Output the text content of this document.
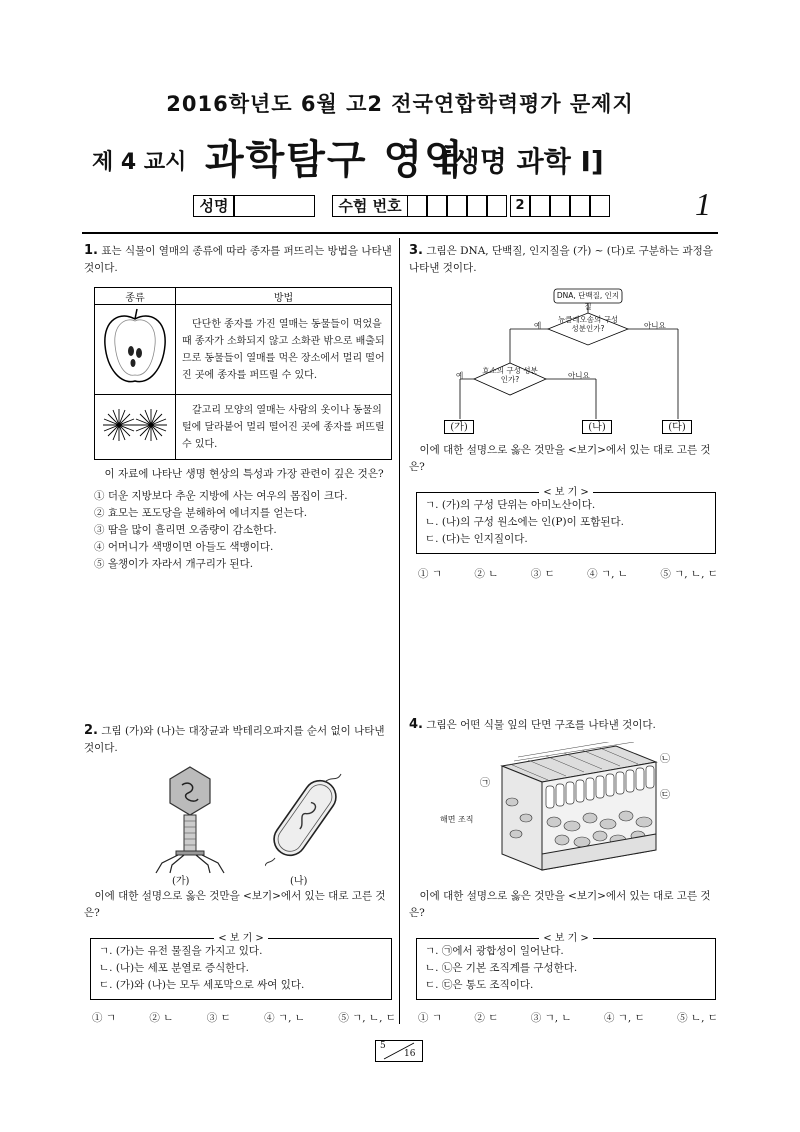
2016학년도 6월 고2 전국연합학력평가 문제지
제 4 교시 과학탐구 영역
[생명 과학 Ⅰ]
1
성명	수험 번호	2
1. 표는 식물이 열매의 종류에 따라 종자를 퍼뜨리는 방법을 나타낸 것이다.
종류	방법
	단단한 종자를 가진 열매는 동물들이 먹었을 때 종자가 소화되지 않고 소화관 밖으로 배출되므로 동물들이 열매를 먹은 장소에서 멀리 떨어진 곳에 종자를 퍼뜨릴 수 있다.
	갈고리 모양의 열매는 사람의 옷이나 동물의 털에 달라붙어 멀리 떨어진 곳에 종자를 퍼뜨릴 수 있다.
이 자료에 나타난 생명 현상의 특성과 가장 관련이 깊은 것은?
① 더운 지방보다 추운 지방에 사는 여우의 몸집이 크다.
② 효모는 포도당을 분해하여 에너지를 얻는다.
③ 땀을 많이 흘리면 오줌량이 감소한다.
④ 어머니가 색맹이면 아들도 색맹이다.
⑤ 올챙이가 자라서 개구리가 된다.
2. 그림 (가)와 (나)는 대장균과 박테리오파지를 순서 없이 나타낸 것이다.
(가)	(나)
이에 대한 설명으로 옳은 것만을 <보기>에서 있는 대로 고른 것은?
< 보 기 >
ㄱ. (가)는 유전 물질을 가지고 있다.
ㄴ. (나)는 세포 분열로 증식한다.
ㄷ. (가)와 (나)는 모두 세포막으로 싸여 있다.
① ㄱ	② ㄴ	③ ㄷ	④ ㄱ, ㄴ	⑤ ㄱ, ㄴ, ㄷ
3. 그림은 DNA, 단백질, 인지질을 (가) ~ (다)로 구분하는 과정을 나타낸 것이다.
DNA, 단백질, 인지질
뉴클레오솜의 구성 성분인가?
효소의 구성 성분인가?
예	아니요
예	아니요
(가)	(나)	(다)
이에 대한 설명으로 옳은 것만을 <보기>에서 있는 대로 고른 것은?
< 보 기 >
ㄱ. (가)의 구성 단위는 아미노산이다.
ㄴ. (나)의 구성 원소에는 인(P)이 포함된다.
ㄷ. (다)는 인지질이다.
① ㄱ	② ㄴ	③ ㄷ	④ ㄱ, ㄴ	⑤ ㄱ, ㄴ, ㄷ
4. 그림은 어떤 식물 잎의 단면 구조를 나타낸 것이다.
㉠
㉡
㉢
해면 조직
이에 대한 설명으로 옳은 것만을 <보기>에서 있는 대로 고른 것은?
< 보 기 >
ㄱ. ㉠에서 광합성이 일어난다.
ㄴ. ㉡은 기본 조직계를 구성한다.
ㄷ. ㉢은 통도 조직이다.
① ㄱ	② ㄷ	③ ㄱ, ㄴ	④ ㄱ, ㄷ	⑤ ㄴ, ㄷ
5
16
